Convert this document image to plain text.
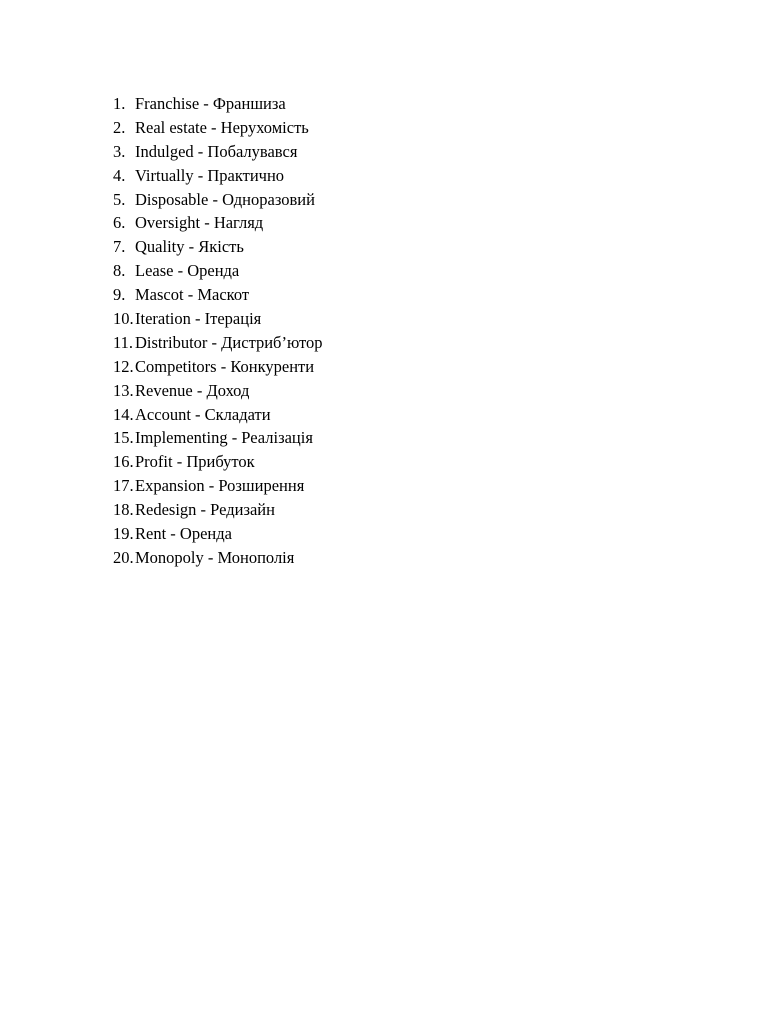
1. Franchise - Франшиза
2. Real estate - Нерухомість
3. Indulged - Побалувався
4. Virtually - Практично
5. Disposable - Одноразовий
6. Oversight - Нагляд
7. Quality - Якість
8. Lease - Оренда
9. Mascot - Маскот
10. Iteration - Ітерація
11. Distributor - Дистриб’ютор
12. Competitors - Конкуренти
13. Revenue - Доход
14. Account - Складати
15. Implementing - Реалізація
16. Profit - Прибуток
17. Expansion - Розширення
18. Redesign - Редизайн
19. Rent - Оренда
20. Monopoly - Монополія
